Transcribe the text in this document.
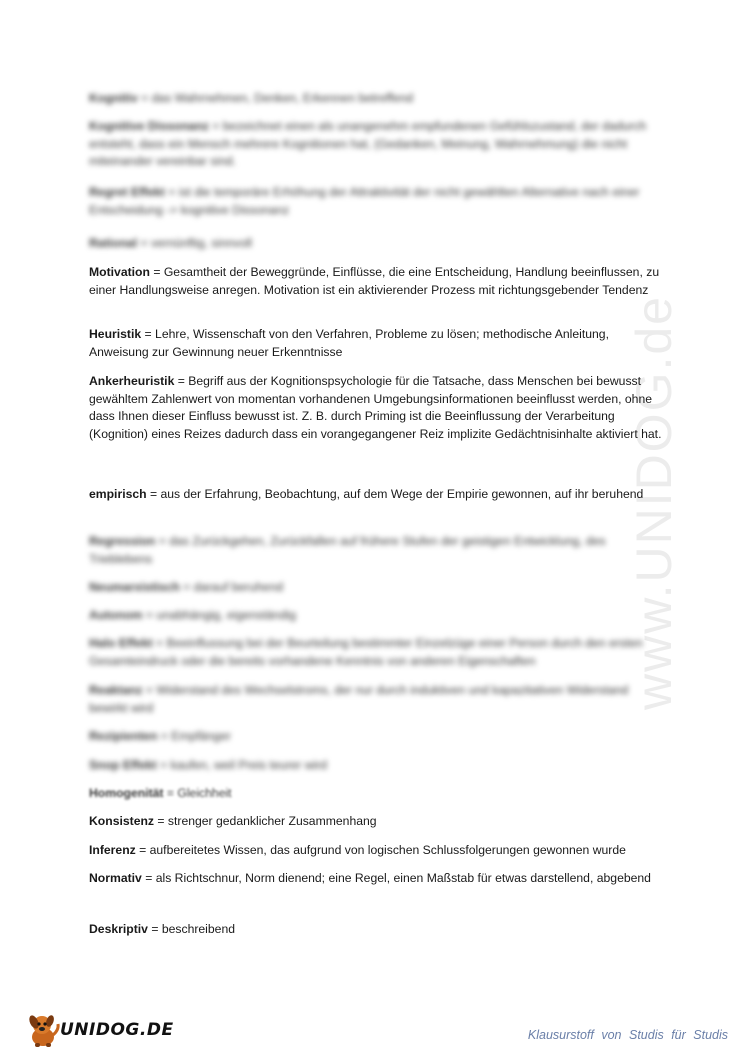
www.UNIDOG.de
Kognitiv = das Wahrnehmen, Denken, Erkennen betreffend
Kognitive Dissonanz = bezeichnet einen als unangenehm empfundenen Gefühlszustand, der dadurch entsteht, dass ein Mensch mehrere Kognitionen hat, (Gedanken, Meinung, Wahrnehmung) die nicht miteinander vereinbar sind.
Regret Effekt = ist die temporäre Erhöhung der Attraktivität der nicht gewählten Alternative nach einer Entscheidung -> kognitive Dissonanz
Rational = vernünftig, sinnvoll
Motivation = Gesamtheit der Beweggründe, Einflüsse, die eine Entscheidung, Handlung beeinflussen, zu einer Handlungsweise anregen. Motivation ist ein aktivierender Prozess mit richtungsgebender Tendenz
Heuristik = Lehre, Wissenschaft von den Verfahren, Probleme zu lösen; methodische Anleitung, Anweisung zur Gewinnung neuer Erkenntnisse
Ankerheuristik = Begriff aus der Kognitionspsychologie für die Tatsache, dass Menschen bei bewusst gewähltem Zahlenwert von momentan vorhandenen Umgebungsinformationen beeinflusst werden, ohne dass Ihnen dieser Einfluss bewusst ist. Z. B. durch Priming ist die Beeinflussung der Verarbeitung (Kognition) eines Reizes dadurch dass ein vorangegangener Reiz implizite Gedächtnisinhalte aktiviert hat.
empirisch = aus der Erfahrung, Beobachtung, auf dem Wege der Empirie gewonnen, auf ihr beruhend
Regression = das Zurückgehen, Zurückfallen auf frühere Stufen der geistigen Entwicklung, des Trieblebens
Neumarxistisch = darauf beruhend
Autonom = unabhängig, eigenständig
Halo Effekt = Beeinflussung bei der Beurteilung bestimmter Einzelzüge einer Person durch den ersten Gesamteindruck oder die bereits vorhandene Kenntnis von anderen Eigenschaften
Reaktanz = Widerstand des Wechselstroms, der nur durch induktiven und kapazitativen Widerstand bewirkt wird
Rezipienten = Empfänger
Snop Effekt = kaufen, weil Preis teurer wird
Homogenität = Gleichheit
Konsistenz = strenger gedanklicher Zusammenhang
Inferenz = aufbereitetes Wissen, das aufgrund von logischen Schlussfolgerungen gewonnen wurde
Normativ = als Richtschnur, Norm dienend; eine Regel, einen Maßstab für etwas darstellend, abgebend
Deskriptiv = beschreibend
UNIDOG.DE	Klausurstoff von Studis für Studis
